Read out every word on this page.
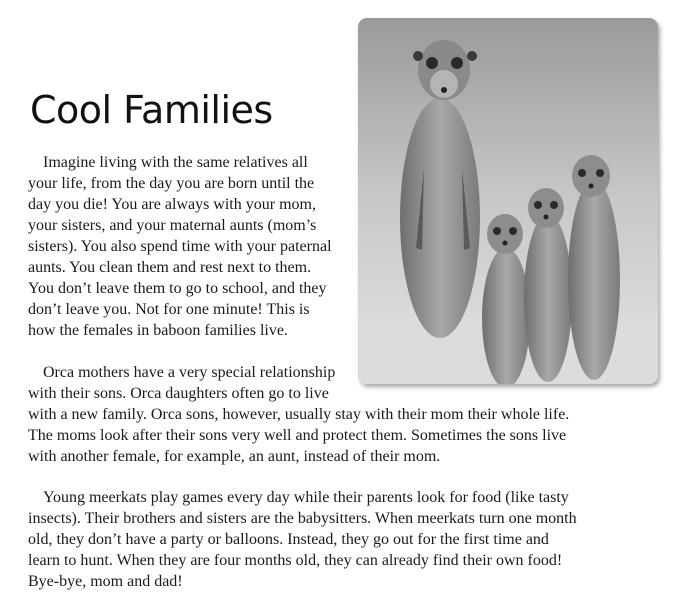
Cool Families
Imagine living with the same relatives all
your life, from the day you are born until the
day you die! You are always with your mom,
your sisters, and your maternal aunts (mom’s
sisters). You also spend time with your paternal
aunts. You clean them and rest next to them.
You don’t leave them to go to school, and they
don’t leave you. Not for one minute! This is
how the females in baboon families live.
Orca mothers have a very special relationship
with their sons. Orca daughters often go to live
with a new family. Orca sons, however, usually stay with their mom their whole life.
The moms look after their sons very well and protect them. Sometimes the sons live
with another female, for example, an aunt, instead of their mom.
Young meerkats play games every day while their parents look for food (like tasty
insects). Their brothers and sisters are the babysitters. When meerkats turn one month
old, they don’t have a party or balloons. Instead, they go out for the first time and
learn to hunt. When they are four months old, they can already find their own food!
Bye-bye, mom and dad!
